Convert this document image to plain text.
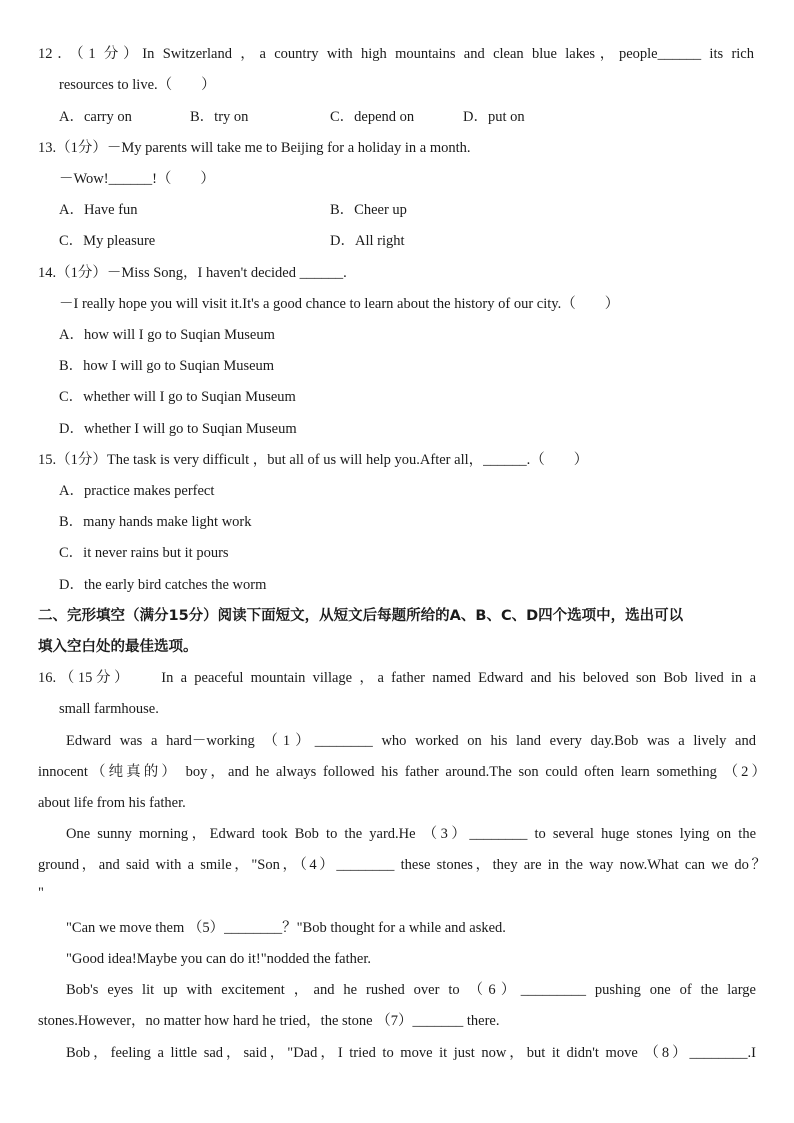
12．（1 分）In Switzerland ，a country with high mountains and clean blue lakes，people______ its rich
resources to live.（　　）
A．carry on	B．try on	C．depend on	D．put on
13.（1分）－My parents will take me to Beijing for a holiday in a month.
－Wow!______!（　　）
A．Have fun	B．Cheer up
C．My pleasure	D．All right
14.（1分）－Miss Song，I haven't decided ______.
－I really hope you will visit it.It's a good chance to learn about the history of our city.（　　）
A．how will I go to Suqian Museum
B．how I will go to Suqian Museum
C．whether will I go to Suqian Museum
D．whether I will go to Suqian Museum
15.（1分）The task is very difficult ，but all of us will help you.After all，______.（　　）
A．practice makes perfect
B．many hands make light work
C．it never rains but it pours
D．the early bird catches the worm
二、完形填空（满分15分）阅读下面短文，从短文后每题所给的A、B、C、D四个选项中，选出可以
填入空白处的最佳选项。
16.（15分）　　In a peaceful mountain village ，a father named Edward and his beloved son Bob lived in a
small farmhouse.
Edward was a hard－working （1）________ who worked on his land every day.Bob was a lively and
innocent（纯真的） boy，and he always followed his father around.The son could often learn something （2）
about life from his father.
One sunny morning，Edward took Bob to the yard.He （3）________ to several huge stones lying on the
ground，and said with a smile，"Son，（4）________ these stones，they are in the way now.What can we do？
"
"Can we move them （5）________？"Bob thought for a while and asked.
"Good idea!Maybe you can do it!"nodded the father.
Bob's eyes lit up with excitement ，and he rushed over to （6）_________ pushing one of the large
stones.However，no matter how hard he tried，the stone （7）_______ there.
Bob，feeling a little sad，said，"Dad，I tried to move it just now，but it didn't move （8）________.I
